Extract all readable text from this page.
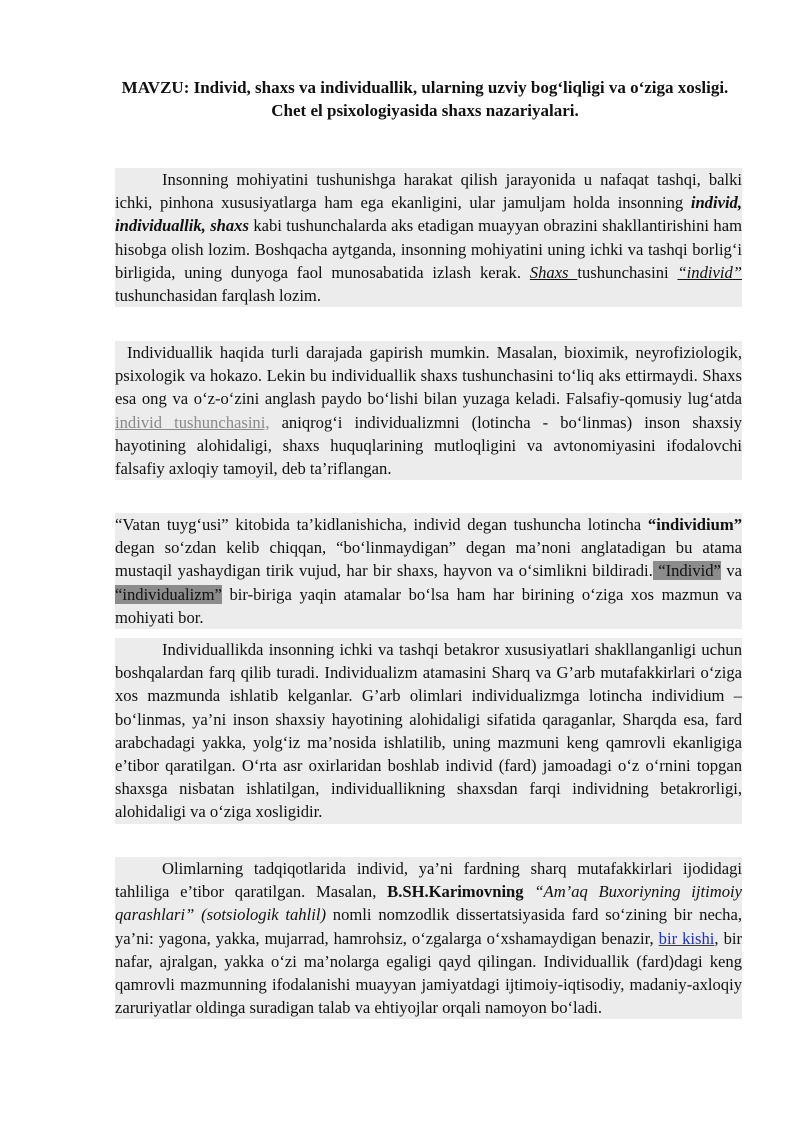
MAVZU: Individ, shaxs va individuallik, ularning uzviy bog‘liqligi va o‘ziga xosligi. Chet el psixologiyasida shaxs nazariyalari.
Insonning mohiyatini tushunishga harakat qilish jarayonida u nafaqat tashqi, balki ichki, pinhona xususiyatlarga ham ega ekanligini, ular jamuljam holda insonning individ, individuallik, shaxs kabi tushunchalarda aks etadigan muayyan obrazini shakllantirishini ham hisobga olish lozim. Boshqacha aytganda, insonning mohiyatini uning ichki va tashqi borlig‘i birligida, uning dunyoga faol munosabatida izlash kerak. Shaxs tushunchasini “individ” tushunchasidan farqlash lozim.
Individuallik haqida turli darajada gapirish mumkin. Masalan, bioximik, neyrofiziologik, psixologik va hokazo. Lekin bu individuallik shaxs tushunchasini to‘liq aks ettirmaydi. Shaxs esa ong va o‘z-o‘zini anglash paydo bo‘lishi bilan yuzaga keladi. Falsafiy-qomusiy lug‘atda individ tushunchasini, aniqrog‘i individualizmni (lotincha - bo‘linmas) inson shaxsiy hayotining alohidaligi, shaxs huquqlarining mutloqligini va avtonomiyasini ifodalovchi falsafiy axloqiy tamoyil, deb ta’riflangan.
“Vatan tuyg‘usi” kitobida ta’kidlanishicha, individ degan tushuncha lotincha “individium” degan so‘zdan kelib chiqqan, “bo‘linmaydigan” degan ma’noni anglatadigan bu atama mustaqil yashaydigan tirik vujud, har bir shaxs, hayvon va o‘simlikni bildiradi. “Individ” va “individualizm” bir-biriga yaqin atamalar bo‘lsa ham har birining o‘ziga xos mazmun va mohiyati bor.
Individuallikda insonning ichki va tashqi betakror xususiyatlari shakllanganligi uchun boshqalardan farq qilib turadi. Individualizm atamasini Sharq va G’arb mutafakkirlari o‘ziga xos mazmunda ishlatib kelganlar. G’arb olimlari individualizmga lotincha individium – bo‘linmas, ya’ni inson shaxsiy hayotining alohidaligi sifatida qaraganlar, Sharqda esa, fard arabchadagi yakka, yolg‘iz ma’nosida ishlatilib, uning mazmuni keng qamrovli ekanligiga e’tibor qaratilgan. O‘rta asr oxirlaridan boshlab individ (fard) jamoadagi o‘z o‘rnini topgan shaxsga nisbatan ishlatilgan, individuallikning shaxsdan farqi individning betakrorligi, alohidaligi va o‘ziga xosligidir.
Olimlarning tadqiqotlarida individ, ya’ni fardning sharq mutafakkirlari ijodidagi tahliliga e’tibor qaratilgan. Masalan, B.SH.Karimovning “Am’aq Buxoriyning ijtimoiy qarashlari” (sotsiologik tahlil) nomli nomzodlik dissertatsiyasida fard so‘zining bir necha, ya’ni: yagona, yakka, mujarrad, hamrohsiz, o‘zgalarga o‘xshamaydigan benazir, bir kishi, bir nafar, ajralgan, yakka o‘zi ma’nolarga egaligi qayd qilingan. Individuallik (fard)dagi keng qamrovli mazmunning ifodalanishi muayyan jamiyatdagi ijtimoiy-iqtisodiy, madaniy-axloqiy zaruriyatlar oldinga suradigan talab va ehtiyojlar orqali namoyon bo‘ladi.
